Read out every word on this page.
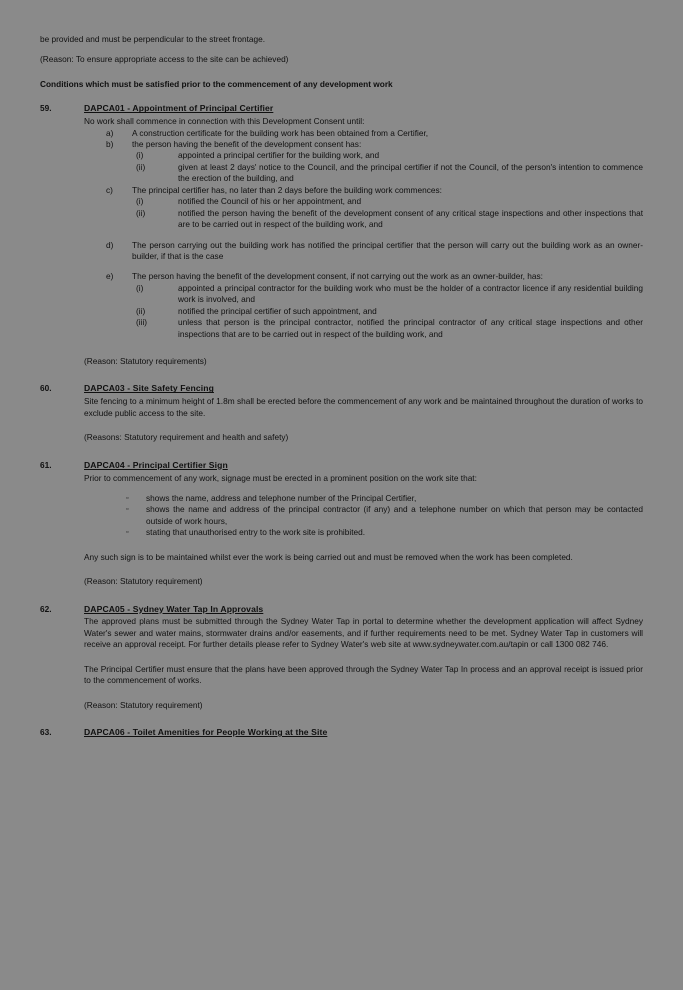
be provided and must be perpendicular to the street frontage.

(Reason: To ensure appropriate access to the site can be achieved)

Conditions which must be satisfied prior to the commencement of any development work

59.	DAPCA01 - Appointment of Principal Certifier

No work shall commence in connection with this Development Consent until:

a)	A construction certificate for the building work has been obtained from a Certifier,
b)	the person having the benefit of the development consent has:
(i)	appointed a principal certifier for the building work, and
(ii)	given at least 2 days' notice to the Council, and the principal certifier if not the Council, of the person's intention to commence the erection of the building, and
c)	The principal certifier has, no later than 2 days before the building work commences:
(i)	notified the Council of his or her appointment, and
(ii)	notified the person having the benefit of the development consent of any critical stage inspections and other inspections that are to be carried out in respect of the building work, and
d)	The person carrying out the building work has notified the principal certifier that the person will carry out the building work as an owner-builder, if that is the case
e)	The person having the benefit of the development consent, if not carrying out the work as an owner-builder, has:
(i)	appointed a principal contractor for the building work who must be the holder of a contractor licence if any residential building work is involved, and
(ii)	notified the principal certifier of such appointment, and
(iii)	unless that person is the principal contractor, notified the principal contractor of any critical stage inspections and other inspections that are to be carried out in respect of the building work, and

(Reason: Statutory requirements)

60.	DAPCA03 - Site Safety Fencing

Site fencing to a minimum height of 1.8m shall be erected before the commencement of any work and be maintained throughout the duration of works to exclude public access to the site.

(Reasons: Statutory requirement and health and safety)

61.	DAPCA04 - Principal Certifier Sign

Prior to commencement of any work, signage must be erected in a prominent position on the work site that:

▫	shows the name, address and telephone number of the Principal Certifier,
▫	shows the name and address of the principal contractor (if any) and a telephone number on which that person may be contacted outside of work hours,
▫	stating that unauthorised entry to the work site is prohibited.

Any such sign is to be maintained whilst ever the work is being carried out and must be removed when the work has been completed.

(Reason: Statutory requirement)

62.	DAPCA05 - Sydney Water Tap In Approvals

The approved plans must be submitted through the Sydney Water Tap in portal to determine whether the development application will affect Sydney Water's sewer and water mains, stormwater drains and/or easements, and if further requirements need to be met. Sydney Water Tap in customers will receive an approval receipt. For further details please refer to Sydney Water's web site at www.sydneywater.com.au/tapin or call 1300 082 746.

The Principal Certifier must ensure that the plans have been approved through the Sydney Water Tap In process and an approval receipt is issued prior to the commencement of works.

(Reason: Statutory requirement)

63.	DAPCA06 - Toilet Amenities for People Working at the Site
